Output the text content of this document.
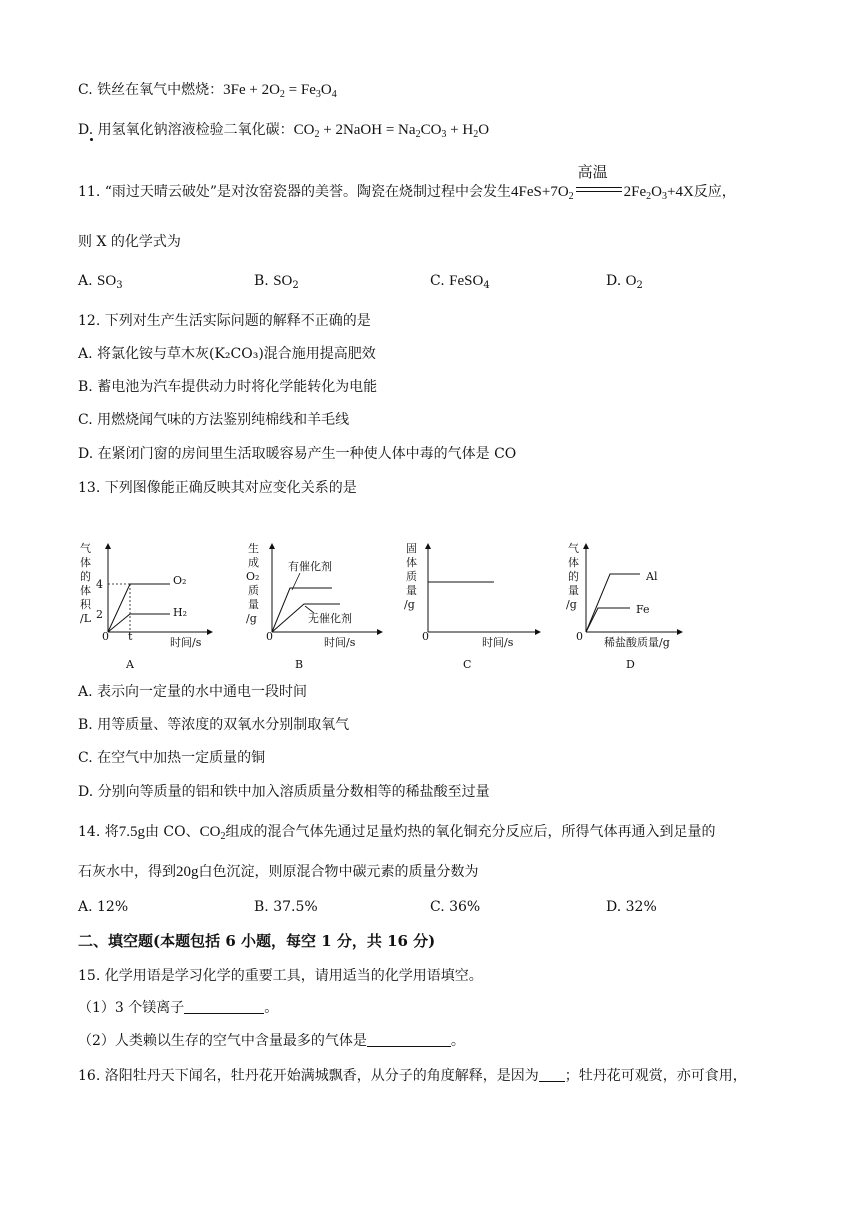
C. 铁丝在氧气中燃烧：$3Fe + 2O_2 = Fe_3O_4$
D. 用氢氧化钠溶液检验二氧化碳：$CO_2$ + 2NaOH = $Na_2CO_3 + H_2O$
11. “雨过天晴云破处”是对汝窑瓷器的美誉。陶瓷在烧制过程中会发生$4FeS+7O_2$
高温
$2Fe_2O_3+4X$反应，
则 X 的化学式为
A. $SO_3$	B. $SO_2$	C. FeSO$_4$	D. $O_2$
12. 下列对生产生活实际问题的解释不正确的是
A. 将氯化铵与草木灰(K₂CO₃)混合施用提高肥效
B. 蓄电池为汽车提供动力时将化学能转化为电能
C. 用燃烧闻气味的方法鉴别纯棉线和羊毛线
D. 在紧闭门窗的房间里生活取暖容易产生一种使人体中毒的气体是 CO
13. 下列图像能正确反映其对应变化关系的是
气
体
的
体
积
/L
4
2
0 t	时间/s
O₂
H₂
A
生
成
O₂
质
量
/g
0	时间/s
有催化剂
无催化剂
B
固
体
质
量
/g
0	时间/s
C
气
体
的
量
/g
0 稀盐酸质量/g
D
Al
Fe
A. 表示向一定量的水中通电一段时间
B. 用等质量、等浓度的双氧水分别制取氧气
C. 在空气中加热一定质量的铜
D. 分别向等质量的铝和铁中加入溶质质量分数相等的稀盐酸至过量
14. 将7.5g由 CO、$CO_2$组成的混合气体先通过足量灼热的氧化铜充分反应后，所得气体再通入到足量的
石灰水中，得到20g白色沉淀，则原混合物中碳元素的质量分数为
A. 12%	B. 37.5%	C. 36%	D. 32%
二、填空题(本题包括 6 小题，每空 1 分，共 16 分)
15. 化学用语是学习化学的重要工具，请用适当的化学用语填空。
（1）3 个镁离子	。
（2）人类赖以生存的空气中含量最多的气体是	。
16. 洛阳牡丹天下闻名，牡丹花开始满城飘香，从分子的角度解释，是因为 ；牡丹花可观赏，亦可食用，
